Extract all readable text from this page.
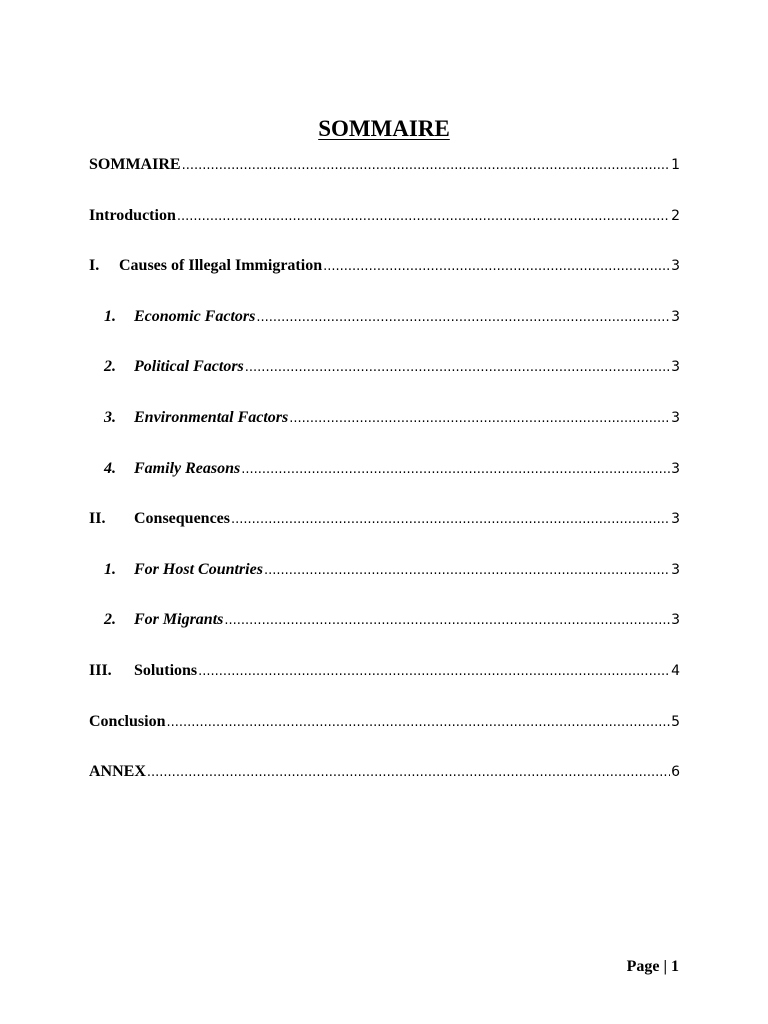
SOMMAIRE
SOMMAIRE .....	1
Introduction .....	2
I.	Causes of Illegal Immigration .....	3
1.	Economic Factors .....	3
2.	Political Factors .....	3
3.	Environmental Factors .....	3
4.	Family Reasons .....	3
II.	Consequences .....	3
1.	For Host Countries .....	3
2.	For Migrants .....	3
III.	Solutions .....	4
Conclusion .....	5
ANNEX .....	6
Page | 1
